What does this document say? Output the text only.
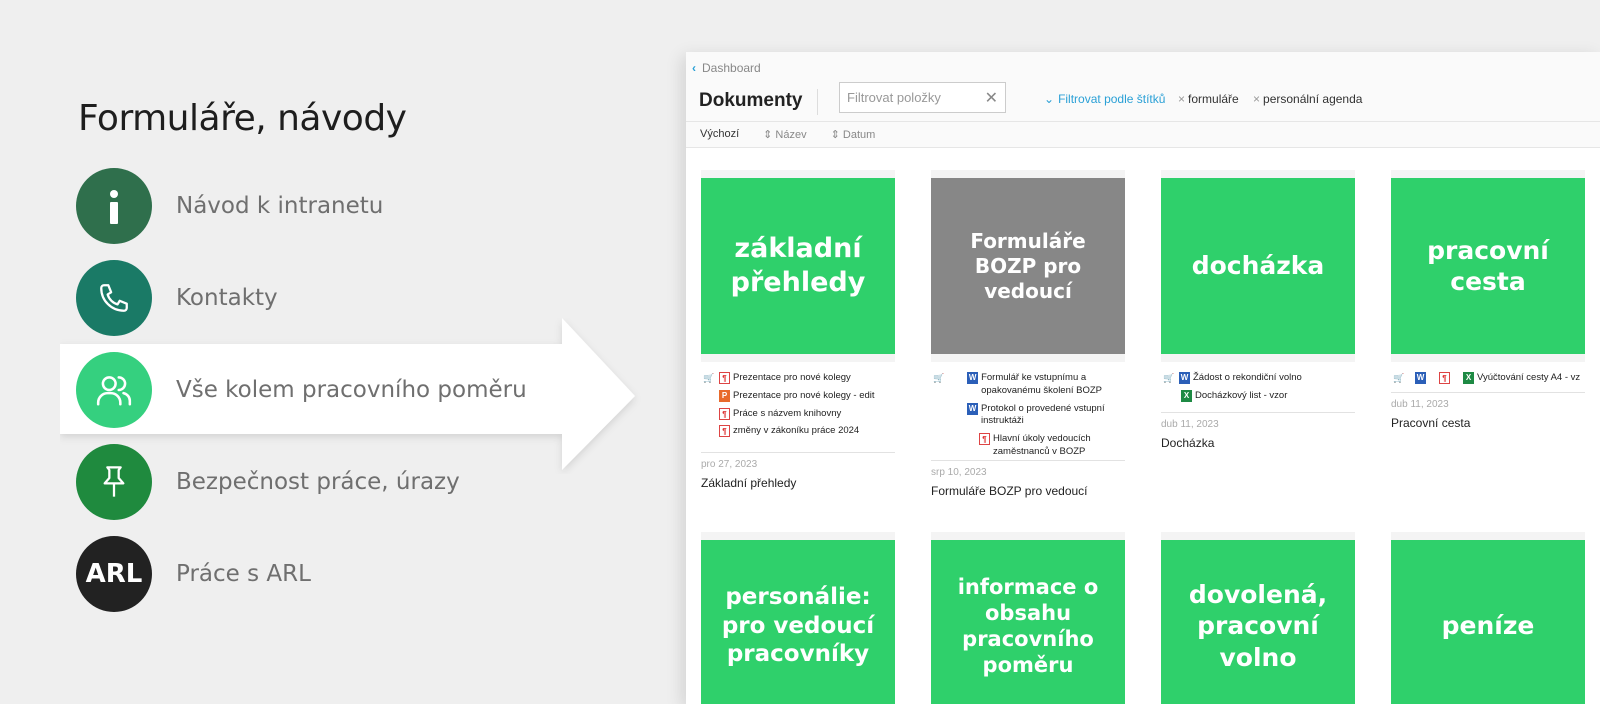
Formuláře, návody
Návod k intranetu
Kontakty
Vše kolem pracovního poměru
Bezpečnost práce, úrazy
ARL Práce s ARL
‹ Dashboard
Dokumenty
Filtrovat položky	✕	⌄ Filtrovat podle štítků × formuláře × personální agenda
Výchozí ⇕ Název ⇕ Datum
základní přehledy
🛒	¶ Prezentace pro nové kolegy
P Prezentace pro nové kolegy - edit
¶ Práce s názvem knihovny
¶ změny v zákoníku práce 2024
pro 27, 2023
Základní přehledy
Formuláře BOZP pro vedoucí
🛒	W Formulář ke vstupnímu a opakovanému školení BOZP
W Protokol o provedené vstupní instruktáži
¶ Hlavní úkoly vedoucích zaměstnanců v BOZP
srp 10, 2023
Formuláře BOZP pro vedoucí
docházka
🛒 W Žádost o rekondiční volno
X Docházkový list - vzor
dub 11, 2023
Docházka
pracovní cesta
🛒 W	¶	X Vyúčtování cesty A4 - vz
dub 11, 2023
Pracovní cesta
personálie: pro vedoucí pracovníky
informace o obsahu pracovního poměru
dovolená, pracovní volno
peníze
